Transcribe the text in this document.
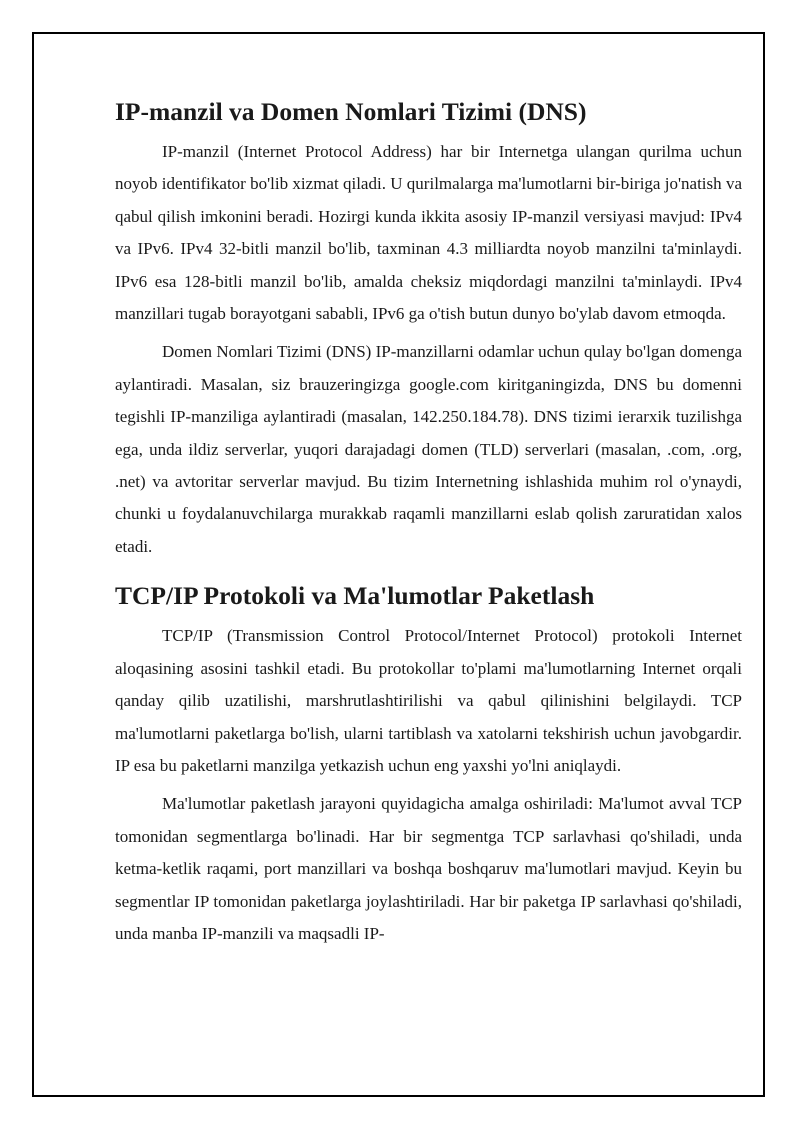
IP-manzil va Domen Nomlari Tizimi (DNS)

IP-manzil (Internet Protocol Address) har bir Internetga ulangan qurilma uchun noyob identifikator bo'lib xizmat qiladi. U qurilmalarga ma'lumotlarni bir-biriga jo'natish va qabul qilish imkonini beradi. Hozirgi kunda ikkita asosiy IP-manzil versiyasi mavjud: IPv4 va IPv6. IPv4 32-bitli manzil bo'lib, taxminan 4.3 milliardta noyob manzilni ta'minlaydi. IPv6 esa 128-bitli manzil bo'lib, amalda cheksiz miqdordagi manzilni ta'minlaydi. IPv4 manzillari tugab borayotgani sababli, IPv6 ga o'tish butun dunyo bo'ylab davom etmoqda.

Domen Nomlari Tizimi (DNS) IP-manzillarni odamlar uchun qulay bo'lgan domenga aylantiradi. Masalan, siz brauzeringizga google.com kiritganingizda, DNS bu domenni tegishli IP-manziliga aylantiradi (masalan, 142.250.184.78). DNS tizimi ierarxik tuzilishga ega, unda ildiz serverlar, yuqori darajadagi domen (TLD) serverlari (masalan, .com, .org, .net) va avtoritar serverlar mavjud. Bu tizim Internetning ishlashida muhim rol o'ynaydi, chunki u foydalanuvchilarga murakkab raqamli manzillarni eslab qolish zaruratidan xalos etadi.

TCP/IP Protokoli va Ma'lumotlar Paketlash

TCP/IP (Transmission Control Protocol/Internet Protocol) protokoli Internet aloqasining asosini tashkil etadi. Bu protokollar to'plami ma'lumotlarning Internet orqali qanday qilib uzatilishi, marshrutlashtirilishi va qabul qilinishini belgilaydi. TCP ma'lumotlarni paketlarga bo'lish, ularni tartiblash va xatolarni tekshirish uchun javobgardir. IP esa bu paketlarni manzilga yetkazish uchun eng yaxshi yo'lni aniqlaydi.

Ma'lumotlar paketlash jarayoni quyidagicha amalga oshiriladi: Ma'lumot avval TCP tomonidan segmentlarga bo'linadi. Har bir segmentga TCP sarlavhasi qo'shiladi, unda ketma-ketlik raqami, port manzillari va boshqa boshqaruv ma'lumotlari mavjud. Keyin bu segmentlar IP tomonidan paketlarga joylashtiriladi. Har bir paketga IP sarlavhasi qo'shiladi, unda manba IP-manzili va maqsadli IP-
